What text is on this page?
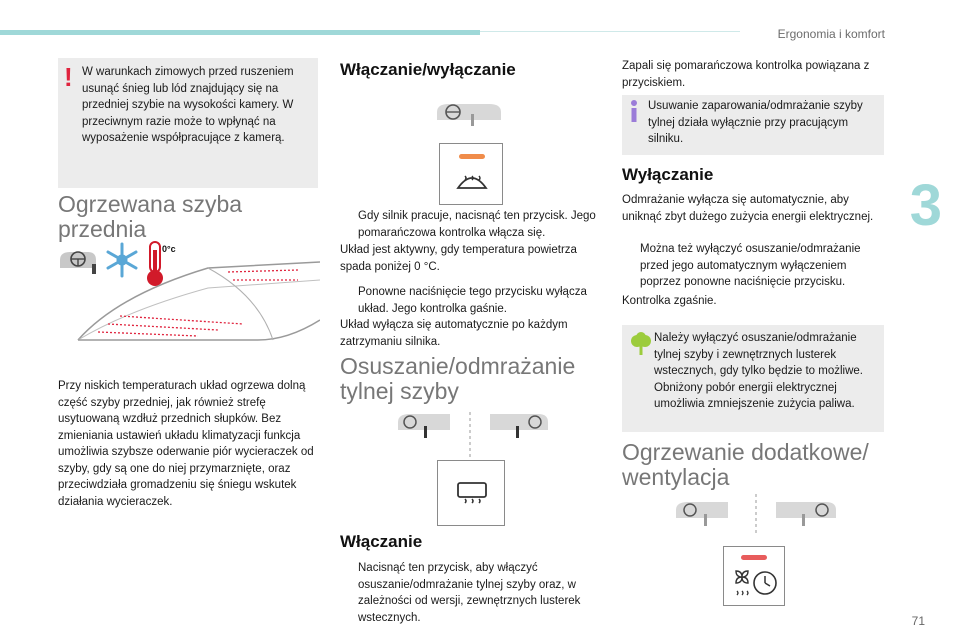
Ergonomia i komfort
3
71
! W warunkach zimowych przed ruszeniem usunąć śnieg lub lód znajdujący się na przedniej szybie na wysokości kamery. W przeciwnym razie może to wpłynąć na wyposażenie współpracujące z kamerą.
Ogrzewana szyba przednia
0°c
Przy niskich temperaturach układ ogrzewa dolną część szyby przedniej, jak również strefę usytuowaną wzdłuż przednich słupków. Bez zmieniania ustawień układu klimatyzacji funkcja umożliwia szybsze oderwanie piór wycieraczek od szyby, gdy są one do niej przymarznięte, oraz przeciwdziała gromadzeniu się śniegu wskutek działania wycieraczek.
Włączanie/wyłączanie
Gdy silnik pracuje, nacisnąć ten przycisk. Jego pomarańczowa kontrolka włącza się.
Układ jest aktywny, gdy temperatura powietrza spada poniżej 0 °C.
Ponowne naciśnięcie tego przycisku wyłącza układ. Jego kontrolka gaśnie.
Układ wyłącza się automatycznie po każdym zatrzymaniu silnika.
Osuszanie/odmrażanie tylnej szyby
Włączanie
Nacisnąć ten przycisk, aby włączyć osuszanie/odmrażanie tylnej szyby oraz, w zależności od wersji, zewnętrznych lusterek wstecznych.
Zapali się pomarańczowa kontrolka powiązana z przyciskiem.
Usuwanie zaparowania/odmrażanie szyby tylnej działa wyłącznie przy pracującym silniku.
Wyłączanie
Odmrażanie wyłącza się automatycznie, aby uniknąć zbyt dużego zużycia energii elektrycznej.
Można też wyłączyć osuszanie/odmrażanie przed jego automatycznym wyłączeniem poprzez ponowne naciśnięcie przycisku.
Kontrolka zgaśnie.
Należy wyłączyć osuszanie/odmrażanie tylnej szyby i zewnętrznych lusterek wstecznych, gdy tylko będzie to możliwe. Obniżony pobór energii elektrycznej umożliwia zmniejszenie zużycia paliwa.
Ogrzewanie dodatkowe/ wentylacja
